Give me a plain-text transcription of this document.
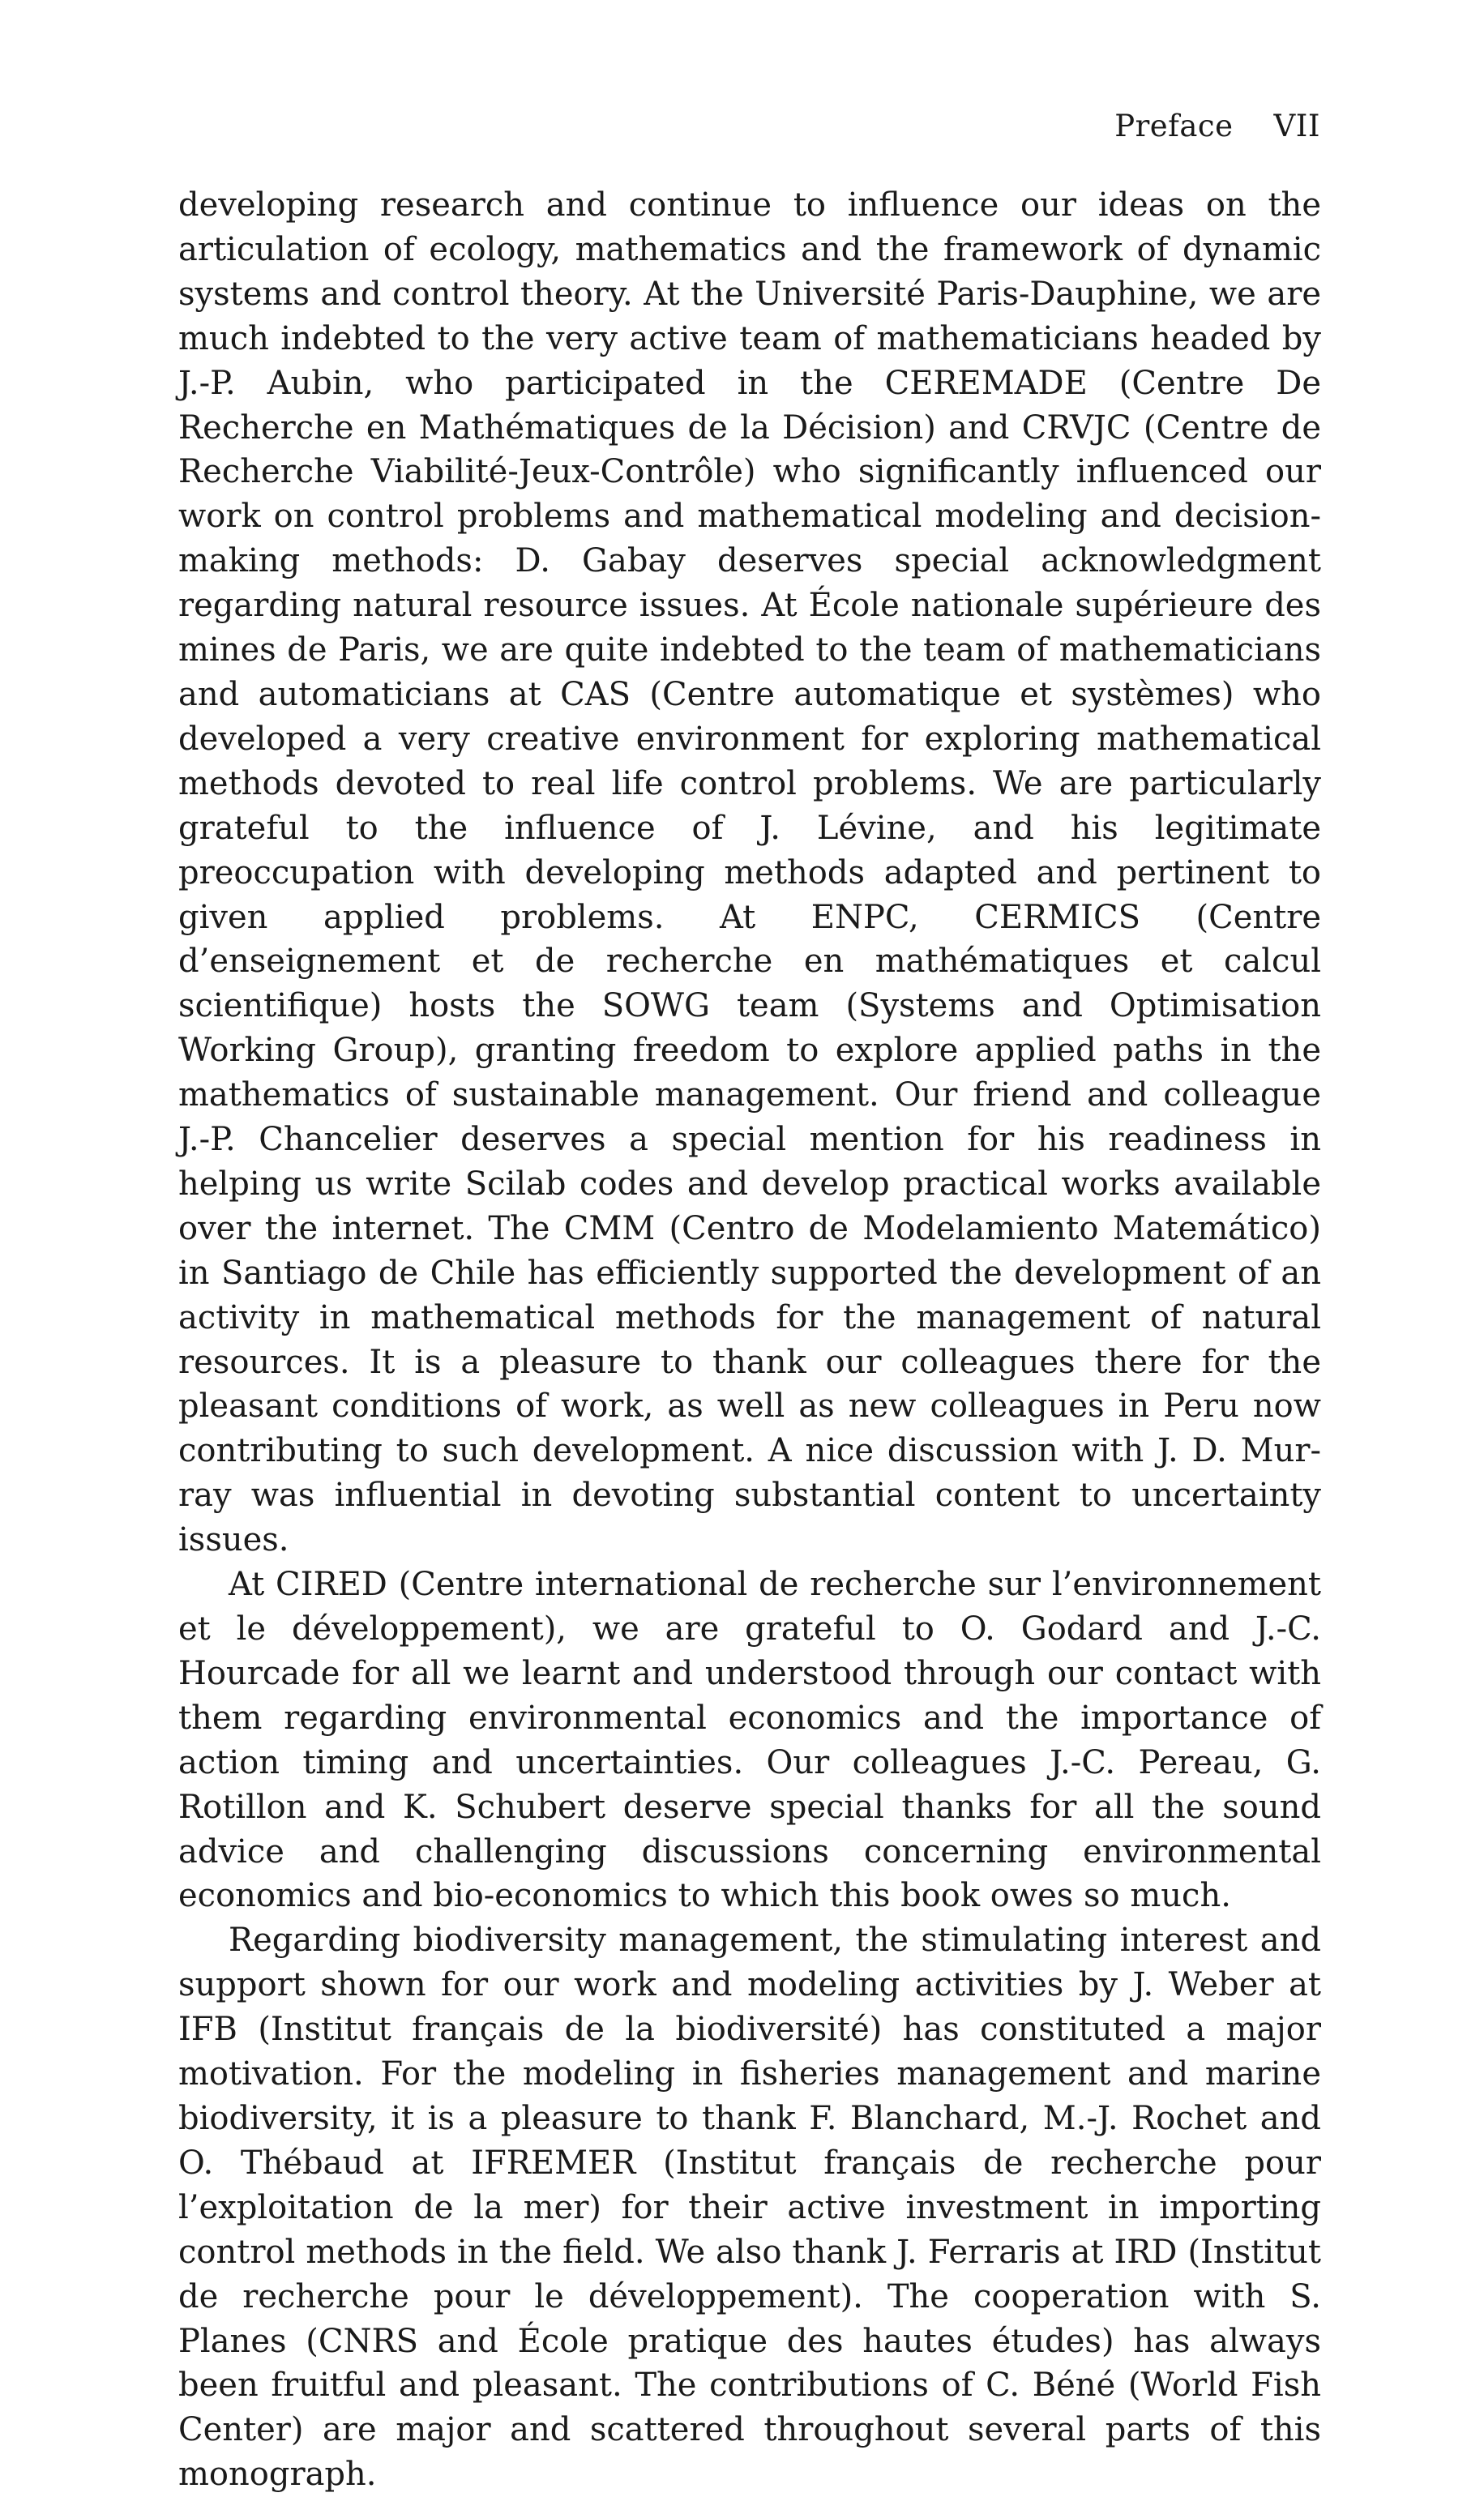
Preface VII

developing research and continue to influence our ideas on the articulation of ecology, mathematics and the framework of dynamic systems and control theory. At the Université Paris-Dauphine, we are much indebted to the very active team of mathematicians headed by J.-P. Aubin, who participated in the CEREMADE (Centre De Recherche en Mathématiques de la Décision) and CRVJC (Centre de Recherche Viabilité-Jeux-Contrôle) who significantly influenced our work on control problems and mathematical modeling and decision-making methods: D. Gabay deserves special acknowledgment regarding natural resource issues. At École nationale supérieure des mines de Paris, we are quite indebted to the team of mathematicians and automaticians at CAS (Centre automatique et systèmes) who developed a very creative environment for exploring mathematical methods devoted to real life control problems. We are particularly grateful to the influence of J. Lévine, and his legitimate preoccupation with developing methods adapted and pertinent to given applied problems. At ENPC, CERMICS (Centre d’enseignement et de recherche en mathématiques et calcul scientifique) hosts the SOWG team (Systems and Optimisation Working Group), granting freedom to explore applied paths in the mathematics of sustainable management. Our friend and colleague J.-P. Chancelier deserves a special mention for his readiness in helping us write Scilab codes and develop practical works available over the internet. The CMM (Centro de Modelamiento Matemático) in Santiago de Chile has efficiently supported the development of an activity in mathematical methods for the management of natural resources. It is a pleasure to thank our colleagues there for the pleasant conditions of work, as well as new colleagues in Peru now contributing to such development. A nice discussion with J. D. Murray was influential in devoting substantial content to uncertainty issues.

At CIRED (Centre international de recherche sur l’environnement et le développement), we are grateful to O. Godard and J.-C. Hourcade for all we learnt and understood through our contact with them regarding environmental economics and the importance of action timing and uncertainties. Our colleagues J.-C. Pereau, G. Rotillon and K. Schubert deserve special thanks for all the sound advice and challenging discussions concerning environmental economics and bio-economics to which this book owes so much.

Regarding biodiversity management, the stimulating interest and support shown for our work and modeling activities by J. Weber at IFB (Institut français de la biodiversité) has constituted a major motivation. For the modeling in fisheries management and marine biodiversity, it is a pleasure to thank F. Blanchard, M.-J. Rochet and O. Thébaud at IFREMER (Institut français de recherche pour l’exploitation de la mer) for their active investment in importing control methods in the field. We also thank J. Ferraris at IRD (Institut de recherche pour le développement). The cooperation with S. Planes (CNRS and École pratique des hautes études) has always been fruitful and pleasant. The contributions of C. Béné (World Fish Center) are major and scattered throughout several parts of this monograph.
